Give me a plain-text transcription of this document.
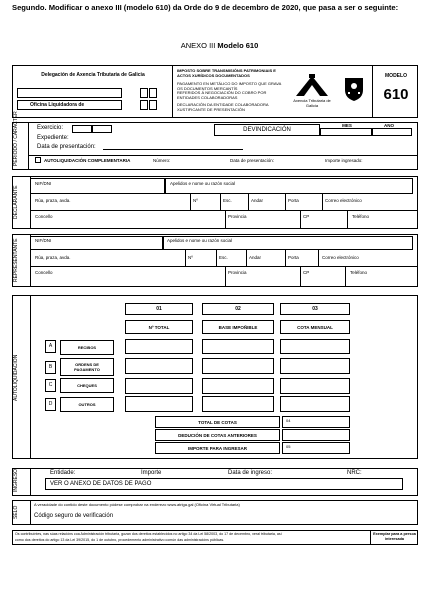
Segundo. Modificar o anexo III (modelo 610) da Orde do 9 de decembro de 2020, que pasa a ser o seguinte:
ANEXO III Modelo 610
Delegación de Axencia Tributaria de Galicia
Oficina Liquidadora de
IMPOSTO SOBRE TRANSMISIÓNS PATRIMONIAIS E ACTOS XURÍDICOS DOCUMENTADOS
PAGAMENTO EN METÁLICO DO IMPOSTO QUE GRAVA OS DOCUMENTOS MERCANTÍS
REFERIDOS Á NEGOCIACIÓN DO COBRO POR ENTIDADES COLABORADORAS
DECLARACIÓN DA ENTIDADE COLABORADORA XUSTIFICANTE DE PRESENTACIÓN
Axencia Tributaria de Galicia
MODELO
610
PERÍODO / CARÁCTER	Exercicio:	DEVINDICACIÓN
MES	ANO
Expediente:
Data de presentación:
AUTOLIQUIDACIÓN COMPLEMENTARIA	Número:	Data de presentación:	Importe ingresado:
DECLARANTE
NIF/DNI	Apelidos e nome ou razón social
Rúa, praza, avda.	Nº	Esc.	Andar	Porta	Correo electrónico
Concello	Provincia	CP	Teléfono
REPRESENTANTE	NIF/DNI	Apelidos e nome ou razón social
Rúa, praza, avda.	Nº	Esc.	Andar	Porta	Correo electrónico
Concello	Provincia	CP	Teléfono
AUTOLIQUIDACIÓN
01	02	03
Nº TOTAL	BASE IMPOÑIBLE	COTA MENSUAL
A	RECIBOS
B	ORDENS DE PAGAMENTO
C	CHEQUES
D	OUTROS
TOTAL DE COTAS	04
DEDUCIÓN DE COTAS ANTERIORES
IMPORTE PARA INGRESAR	05
INGRESO	Entidade:	Importe	Data de ingreso:	NRC:
VER O ANEXO DE DATOS DE PAGO
SELO
A veracidade do contido deste documento pódese comprobar na enderezo www.atriga.gal (Oficina Virtual Tributaria)
Código seguro de verificación
Os contribuíntes, nas súas relacións coa Administración tributaria, gozan dos dereitos establecidos no artigo 34 da Lei 58/2003, do 17 de decembro, xeral tributaria, así
como dos dereitos do artigo 13 da Lei 39/2015, do 1 de outubro, procedemento administrativo común das administracións públicas.
Exemplar para a persoa interesada
